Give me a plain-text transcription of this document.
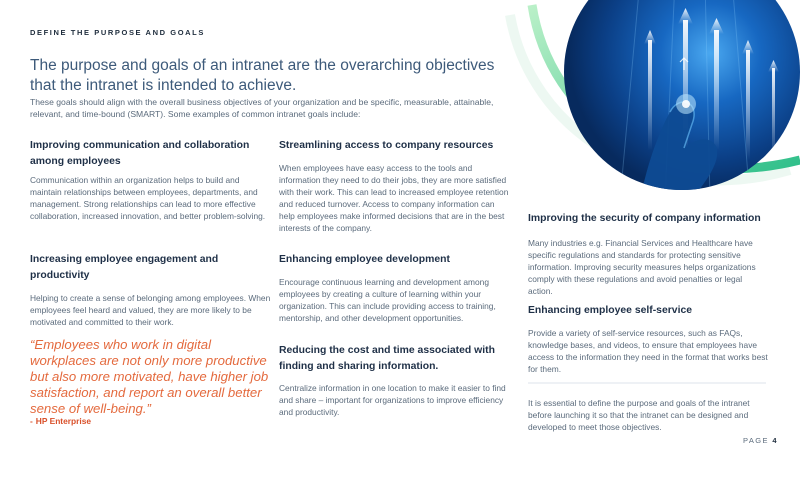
DEFINE THE PURPOSE AND GOALS
The purpose and goals of an intranet are the overarching objectives that the intranet is intended to achieve.
These goals should align with the overall business objectives of your organization and be specific, measurable, attainable, relevant, and time-bound (SMART). Some examples of common intranet goals include:
Improving communication and collaboration among employees
Communication within an organization helps to build and maintain relationships between employees, departments, and management. Strong relationships can lead to more effective collaboration, increased innovation, and better problem-solving.
Increasing employee engagement and productivity
Helping to create a sense of belonging among employees. When employees feel heard and valued, they are more likely to be motivated and committed to their work.
“Employees who work in digital workplaces are not only more productive but also more motivated, have higher job satisfaction, and report an overall better sense of well-being.”
- HP Enterprise
Streamlining access to company resources
When employees have easy access to the tools and information they need to do their jobs, they are more satisfied with their work. This can lead to increased employee retention and reduced turnover. Access to company information can help employees make informed decisions that are in the best interests of the company.
Enhancing employee development
Encourage continuous learning and development among employees by creating a culture of learning within your organization. This can include providing access to training, mentorship, and other development opportunities.
Reducing the cost and time associated with finding and sharing information.
Centralize information in one location to make it easier to find and share – important for organizations to improve efficiency and productivity.
Improving the security of company information
Many industries e.g. Financial Services and Healthcare have specific regulations and standards for protecting sensitive information. Improving security measures helps organizations comply with these regulations and avoid penalties or legal action.
Enhancing employee self-service
Provide a variety of self-service resources, such as FAQs, knowledge bases, and videos, to ensure that employees have access to the information they need in the format that works best for them.
It is essential to define the purpose and goals of the intranet before launching it so that the intranet can be designed and developed to meet those objectives.
PAGE 4
